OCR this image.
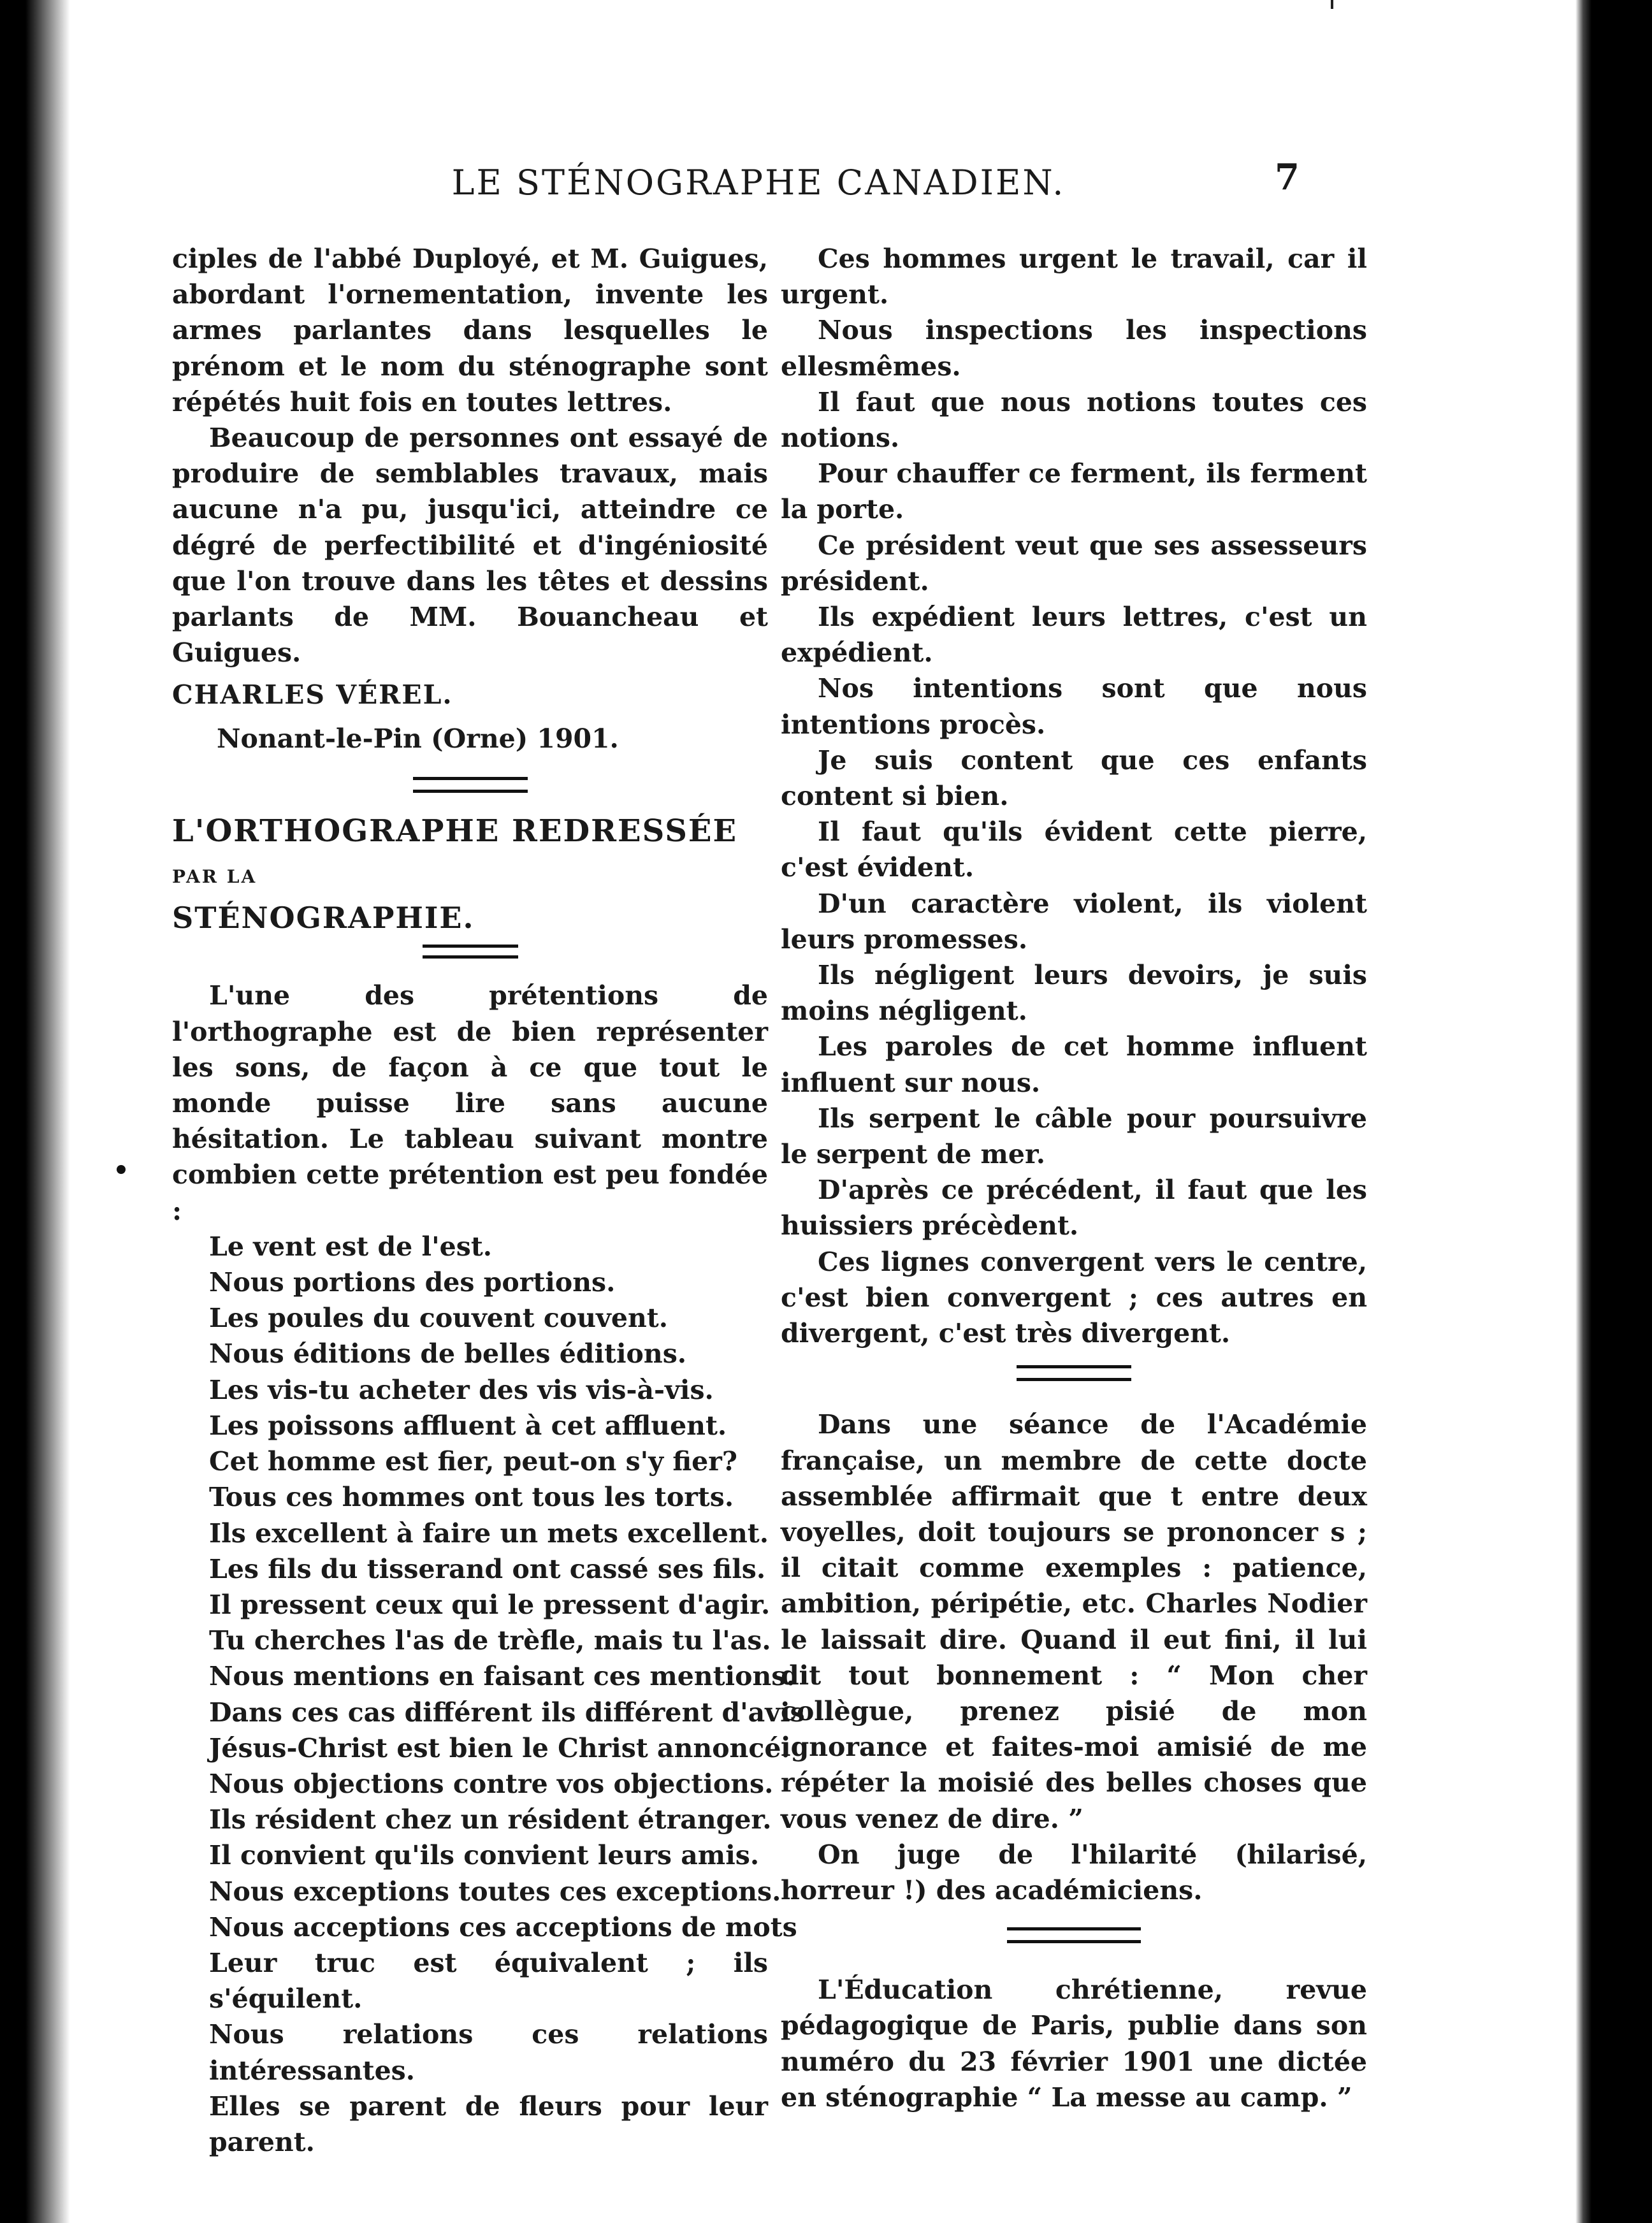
LE STÉNOGRAPHE CANADIEN.	7

ciples de l'abbé Duployé, et M. Guigues, abordant l'ornementation, invente les armes parlantes dans lesquelles le prénom et le nom du sténographe sont répétés huit fois en toutes lettres.

Beaucoup de personnes ont essayé de produire de semblables travaux, mais aucune n'a pu, jusqu'ici, atteindre ce dégré de perfectibilité et d'ingéniosité que l'on trouve dans les têtes et dessins parlants de MM. Bouancheau et Guigues.

CHARLES VÉREL.

Nonant-le-Pin (Orne) 1901.

L'ORTHOGRAPHE REDRESSÉE

PAR LA

STÉNOGRAPHIE.

L'une des prétentions de l'orthographe est de bien représenter les sons, de façon à ce que tout le monde puisse lire sans aucune hésitation. Le tableau suivant montre combien cette prétention est peu fondée :

Le vent est de l'est.

Nous portions des portions.

Les poules du couvent couvent.

Nous éditions de belles éditions.

Les vis-tu acheter des vis vis-à-vis.

Les poissons affluent à cet affluent.

Cet homme est fier, peut-on s'y fier?

Tous ces hommes ont tous les torts.

Ils excellent à faire un mets excellent.

Les fils du tisserand ont cassé ses fils.

Il pressent ceux qui le pressent d'agir.

Tu cherches l'as de trèfle, mais tu l'as.

Nous mentions en faisant ces mentions.

Dans ces cas différent ils différent d'avis

Jésus-Christ est bien le Christ annoncé.

Nous objections contre vos objections.

Ils résident chez un résident étranger.

Il convient qu'ils convient leurs amis.

Nous exceptions toutes ces exceptions.

Nous acceptions ces acceptions de mots

Leur truc est équivalent ; ils s'équilent.

Nous relations ces relations intéressantes.

Elles se parent de fleurs pour leur parent.

Ces hommes urgent le travail, car il urgent.

Nous inspections les inspections ellesmêmes.

Il faut que nous notions toutes ces notions.

Pour chauffer ce ferment, ils ferment la porte.

Ce président veut que ses assesseurs président.

Ils expédient leurs lettres, c'est un expédient.

Nos intentions sont que nous intentions procès.

Je suis content que ces enfants content si bien.

Il faut qu'ils évident cette pierre, c'est évident.

D'un caractère violent, ils violent leurs promesses.

Ils négligent leurs devoirs, je suis moins négligent.

Les paroles de cet homme influent influent sur nous.

Ils serpent le câble pour poursuivre le serpent de mer.

D'après ce précédent, il faut que les huissiers précèdent.

Ces lignes convergent vers le centre, c'est bien convergent ; ces autres en divergent, c'est très divergent.

Dans une séance de l'Académie française, un membre de cette docte assemblée affirmait que t entre deux voyelles, doit toujours se prononcer s ; il citait comme exemples : patience, ambition, péripétie, etc. Charles Nodier le laissait dire. Quand il eut fini, il lui dit tout bonnement : “ Mon cher collègue, prenez pisié de mon ignorance et faites-moi amisié de me répéter la moisié des belles choses que vous venez de dire. ”

On juge de l'hilarité (hilarisé, horreur !) des académiciens.

L'Éducation chrétienne, revue pédagogique de Paris, publie dans son numéro du 23 février 1901 une dictée en sténographie “ La messe au camp. ”
